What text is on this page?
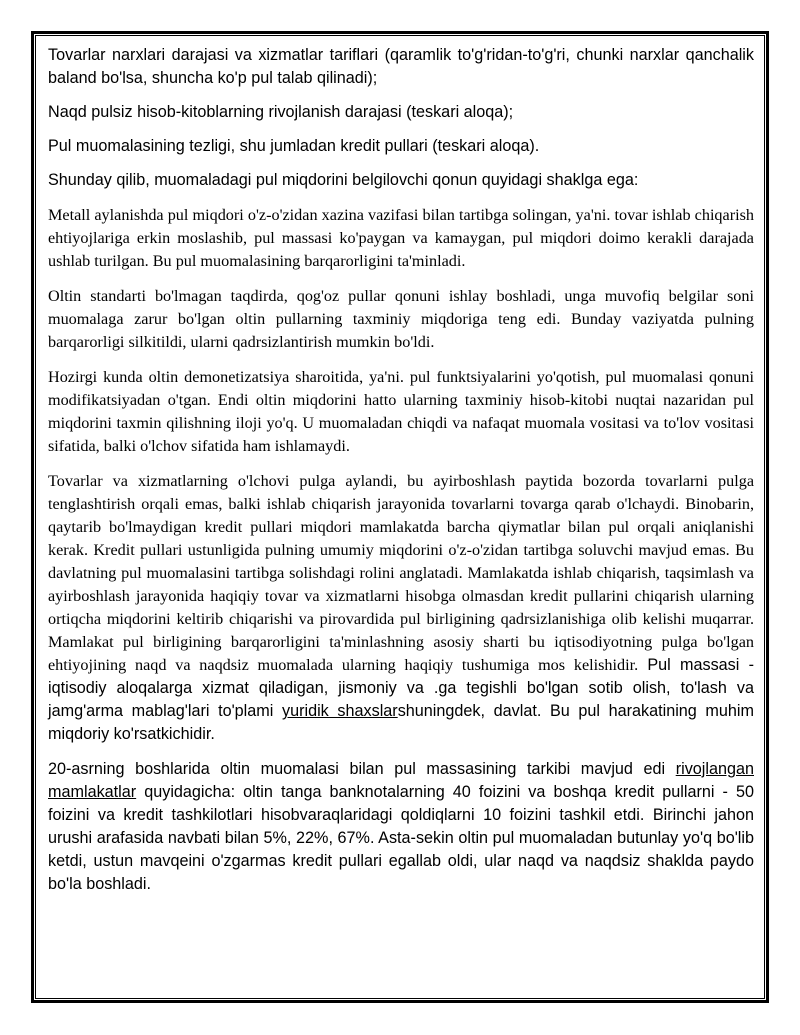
Tovarlar narxlari darajasi va xizmatlar tariflari (qaramlik to'g'ridan-to'g'ri, chunki narxlar qanchalik baland bo'lsa, shuncha ko'p pul talab qilinadi);

Naqd pulsiz hisob-kitoblarning rivojlanish darajasi (teskari aloqa);

Pul muomalasining tezligi, shu jumladan kredit pullari (teskari aloqa).

Shunday qilib, muomaladagi pul miqdorini belgilovchi qonun quyidagi shaklga ega:

Metall aylanishda pul miqdori o'z-o'zidan xazina vazifasi bilan tartibga solingan, ya'ni. tovar ishlab chiqarish ehtiyojlariga erkin moslashib, pul massasi ko'paygan va kamaygan, pul miqdori doimo kerakli darajada ushlab turilgan. Bu pul muomalasining barqarorligini ta'minladi.

Oltin standarti bo'lmagan taqdirda, qog'oz pullar qonuni ishlay boshladi, unga muvofiq belgilar soni muomalaga zarur bo'lgan oltin pullarning taxminiy miqdoriga teng edi. Bunday vaziyatda pulning barqarorligi silkitildi, ularni qadrsizlantirish mumkin bo'ldi.

Hozirgi kunda oltin demonetizatsiya sharoitida, ya'ni. pul funktsiyalarini yo'qotish, pul muomalasi qonuni modifikatsiyadan o'tgan. Endi oltin miqdorini hatto ularning taxminiy hisob-kitobi nuqtai nazaridan pul miqdorini taxmin qilishning iloji yo'q. U muomaladan chiqdi va nafaqat muomala vositasi va to'lov vositasi sifatida, balki o'lchov sifatida ham ishlamaydi.

Tovarlar va xizmatlarning o'lchovi pulga aylandi, bu ayirboshlash paytida bozorda tovarlarni pulga tenglashtirish orqali emas, balki ishlab chiqarish jarayonida tovarlarni tovarga qarab o'lchaydi. Binobarin, qaytarib bo'lmaydigan kredit pullari miqdori mamlakatda barcha qiymatlar bilan pul orqali aniqlanishi kerak. Kredit pullari ustunligida pulning umumiy miqdorini o'z-o'zidan tartibga soluvchi mavjud emas. Bu davlatning pul muomalasini tartibga solishdagi rolini anglatadi. Mamlakatda ishlab chiqarish, taqsimlash va ayirboshlash jarayonida haqiqiy tovar va xizmatlarni hisobga olmasdan kredit pullarini chiqarish ularning ortiqcha miqdorini keltirib chiqarishi va pirovardida pul birligining qadrsizlanishiga olib kelishi muqarrar. Mamlakat pul birligining barqarorligini ta'minlashning asosiy sharti bu iqtisodiyotning pulga bo'lgan ehtiyojining naqd va naqdsiz muomalada ularning haqiqiy tushumiga mos kelishidir. Pul massasi - iqtisodiy aloqalarga xizmat qiladigan, jismoniy va .ga tegishli bo'lgan sotib olish, to'lash va jamg'arma mablag'lari to'plami yuridik shaxslarshuningdek, davlat. Bu pul harakatining muhim miqdoriy ko'rsatkichidir.

20-asrning boshlarida oltin muomalasi bilan pul massasining tarkibi mavjud edi rivojlangan mamlakatlar quyidagicha: oltin tanga banknotalarning 40 foizini va boshqa kredit pullarni - 50 foizini va kredit tashkilotlari hisobvaraqlaridagi qoldiqlarni 10 foizini tashkil etdi. Birinchi jahon urushi arafasida navbati bilan 5%, 22%, 67%. Asta-sekin oltin pul muomaladan butunlay yo'q bo'lib ketdi, ustun mavqeini o'zgarmas kredit pullari egallab oldi, ular naqd va naqdsiz shaklda paydo bo'la boshladi.
